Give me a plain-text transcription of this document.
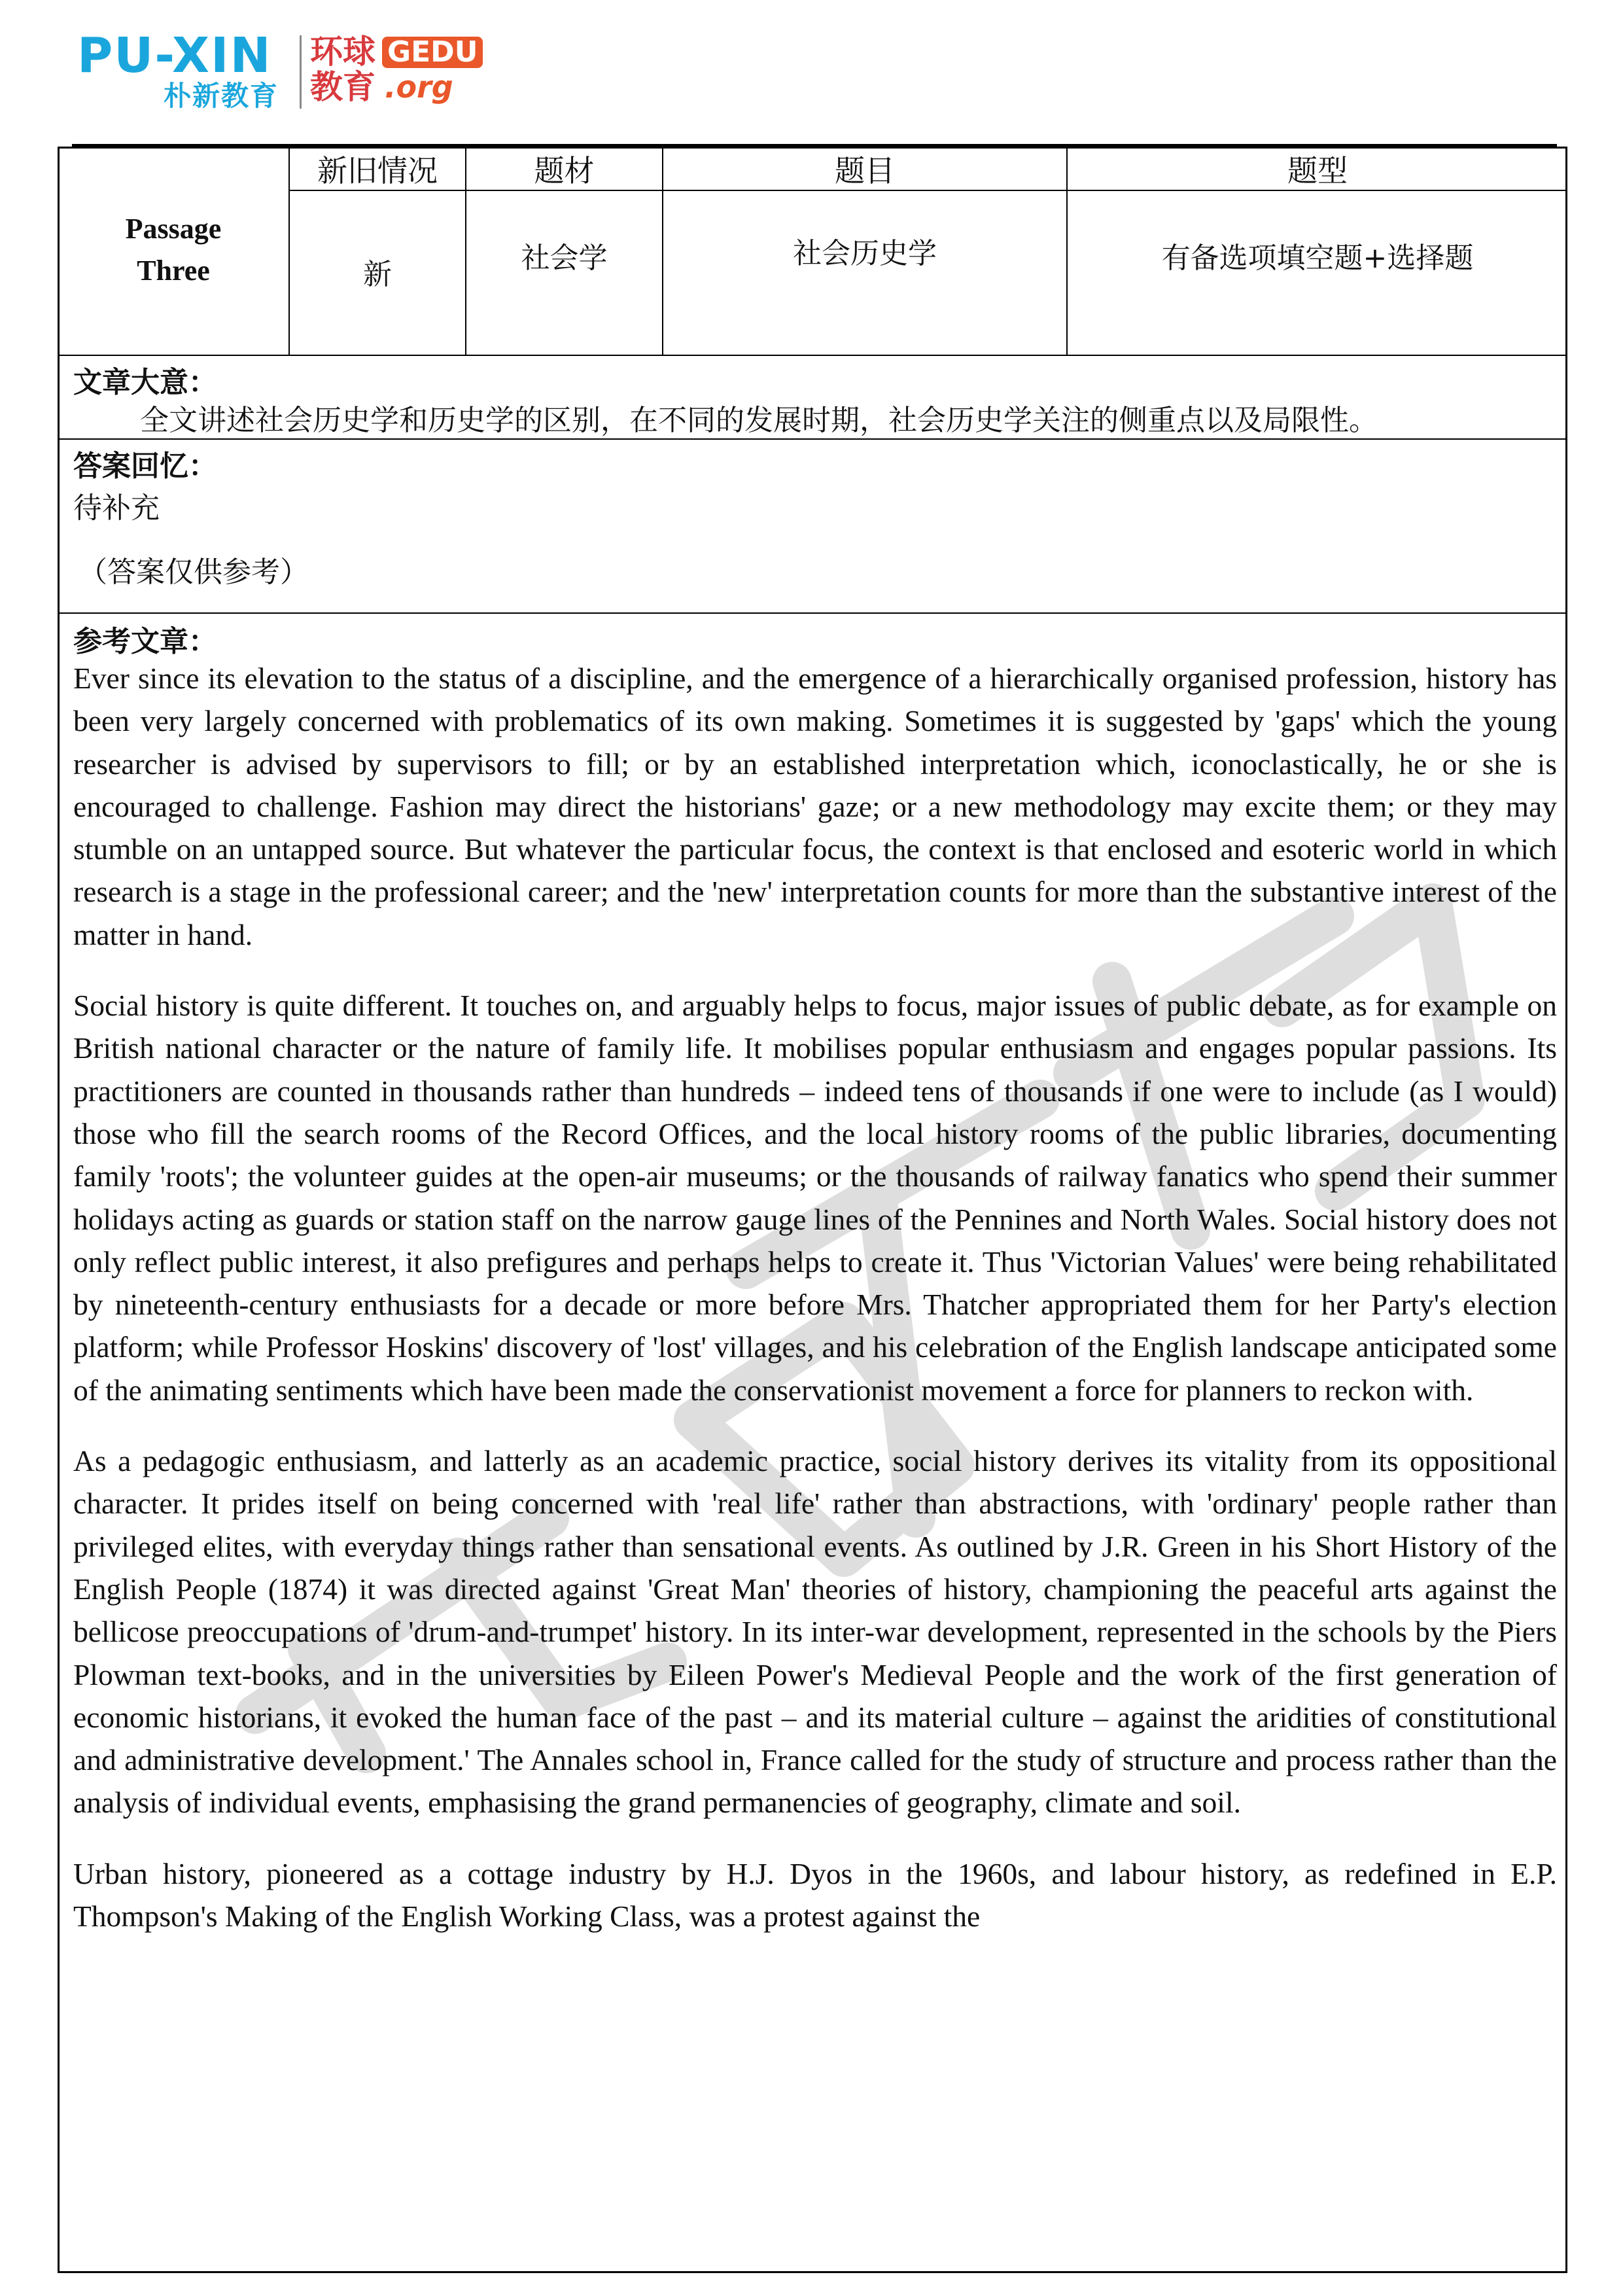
PU-XIN
朴新教育
环球
教育
GEDU
.org
Passage
Three
新旧情况	题材	题目	题型
新	社会学	社会历史学	有备选项填空题+选择题
文章大意：
全文讲述社会历史学和历史学的区别，在不同的发展时期，社会历史学关注的侧重点以及局限性。
答案回忆：
待补充
（答案仅供参考）
参考文章：

Ever since its elevation to the status of a discipline, and the emergence of a hierarchically organised profession, history has been very largely concerned with problematics of its own making. Sometimes it is suggested by 'gaps' which the young researcher is advised by supervisors to fill; or by an established interpretation which, iconoclastically, he or she is encouraged to challenge. Fashion may direct the historians' gaze; or a new methodology may excite them; or they may stumble on an untapped source. But whatever the particular focus, the context is that enclosed and esoteric world in which research is a stage in the professional career; and the 'new' interpretation counts for more than the substantive interest of the matter in hand.

Social history is quite different. It touches on, and arguably helps to focus, major issues of public debate, as for example on British national character or the nature of family life. It mobilises popular enthusiasm and engages popular passions. Its practitioners are counted in thousands rather than hundreds – indeed tens of thousands if one were to include (as I would) those who fill the search rooms of the Record Offices, and the local history rooms of the public libraries, documenting family 'roots'; the volunteer guides at the open-air museums; or the thousands of railway fanatics who spend their summer holidays acting as guards or station staff on the narrow gauge lines of the Pennines and North Wales. Social history does not only reflect public interest, it also prefigures and perhaps helps to create it. Thus 'Victorian Values' were being rehabilitated by nineteenth-century enthusiasts for a decade or more before Mrs. Thatcher appropriated them for her Party's election platform; while Professor Hoskins' discovery of 'lost' villages, and his celebration of the English landscape anticipated some of the animating sentiments which have been made the conservationist movement a force for planners to reckon with.

As a pedagogic enthusiasm, and latterly as an academic practice, social history derives its vitality from its oppositional character. It prides itself on being concerned with 'real life' rather than abstractions, with 'ordinary' people rather than privileged elites, with everyday things rather than sensational events. As outlined by J.R. Green in his Short History of the English People (1874) it was directed against 'Great Man' theories of history, championing the peaceful arts against the bellicose preoccupations of 'drum-and-trumpet' history. In its inter-war development, represented in the schools by the Piers Plowman text-books, and in the universities by Eileen Power's Medieval People and the work of the first generation of economic historians, it evoked the human face of the past – and its material culture – against the aridities of constitutional and administrative development.' The Annales school in, France called for the study of structure and process rather than the analysis of individual events, emphasising the grand permanencies of geography, climate and soil.

Urban history, pioneered as a cottage industry by H.J. Dyos in the 1960s, and labour history, as redefined in E.P. Thompson's Making of the English Working Class, was a protest against the
